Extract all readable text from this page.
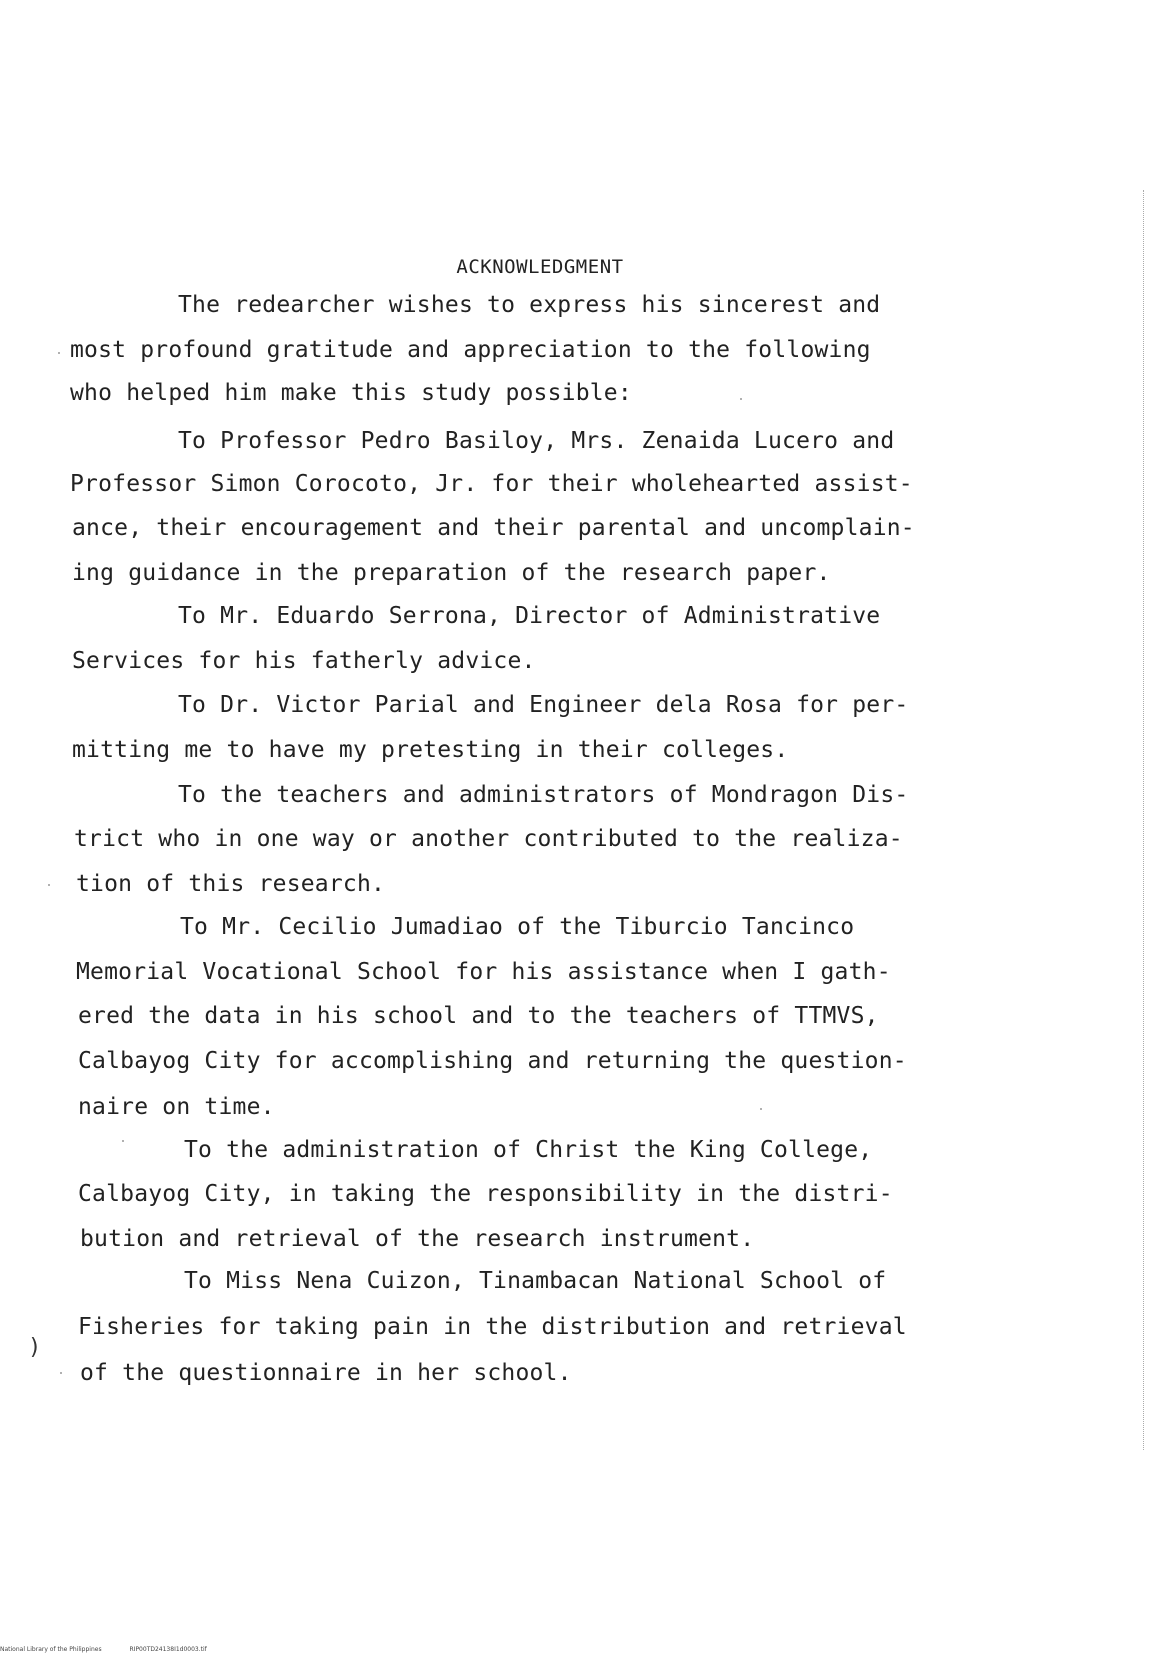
ACKNOWLEDGMENT
The redearcher wishes to express his sincerest and
most profound gratitude and appreciation to the following
who helped him make this study possible:
To Professor Pedro Basiloy, Mrs. Zenaida Lucero and
Professor Simon Corocoto, Jr. for their wholehearted assist-
ance, their encouragement and their parental and uncomplain-
ing guidance in the preparation of the research paper.
To Mr. Eduardo Serrona, Director of Administrative
Services for his fatherly advice.
To Dr. Victor Parial and Engineer dela Rosa for per-
mitting me to have my pretesting in their colleges.
To the teachers and administrators of Mondragon Dis-
trict who in one way or another contributed to the realiza-
tion of this research.
To Mr. Cecilio Jumadiao of the Tiburcio Tancinco
Memorial Vocational School for his assistance when I gath-
ered the data in his school and to the teachers of TTMVS,
Calbayog City for accomplishing and returning the question-
naire on time.
To the administration of Christ the King College,
Calbayog City, in taking the responsibility in the distri-
bution and retrieval of the research instrument.
To Miss Nena Cuizon, Tinambacan National School of
Fisheries for taking pain in the distribution and retrieval
of the questionnaire in her school.
)
National Library of the Philippines	RIP00TD24138I1d0003.tif
